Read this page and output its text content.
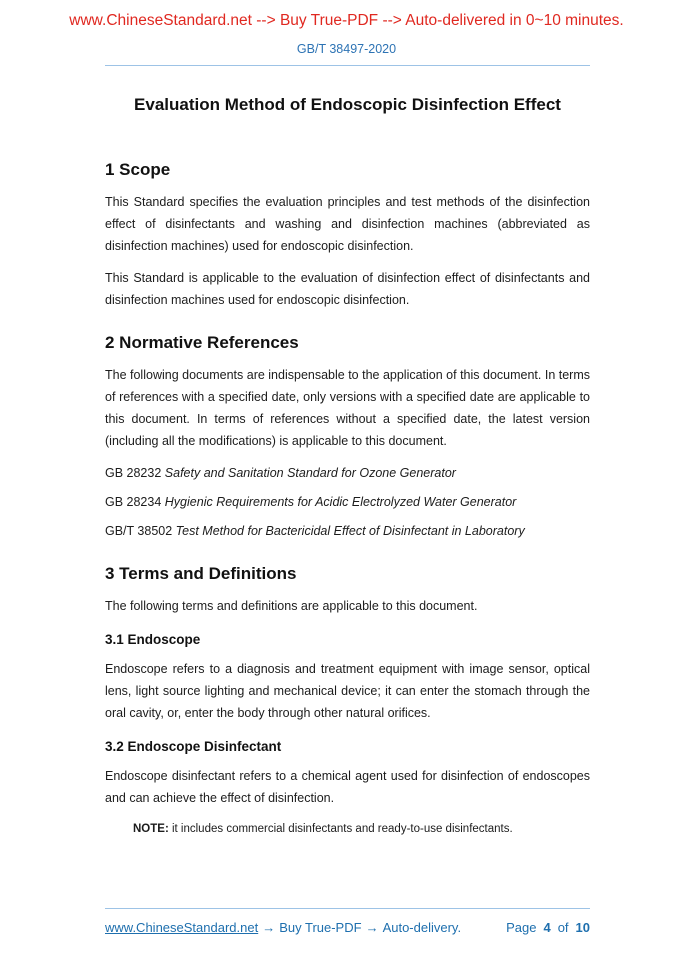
www.ChineseStandard.net --> Buy True-PDF --> Auto-delivered in 0~10 minutes.
GB/T 38497-2020
Evaluation Method of Endoscopic Disinfection Effect
1 Scope

This Standard specifies the evaluation principles and test methods of the disinfection effect of disinfectants and washing and disinfection machines (abbreviated as disinfection machines) used for endoscopic disinfection.

This Standard is applicable to the evaluation of disinfection effect of disinfectants and disinfection machines used for endoscopic disinfection.

2 Normative References

The following documents are indispensable to the application of this document. In terms of references with a specified date, only versions with a specified date are applicable to this document. In terms of references without a specified date, the latest version (including all the modifications) is applicable to this document.

GB 28232 Safety and Sanitation Standard for Ozone Generator

GB 28234 Hygienic Requirements for Acidic Electrolyzed Water Generator

GB/T 38502 Test Method for Bactericidal Effect of Disinfectant in Laboratory

3 Terms and Definitions

The following terms and definitions are applicable to this document.

3.1 Endoscope

Endoscope refers to a diagnosis and treatment equipment with image sensor, optical lens, light source lighting and mechanical device; it can enter the stomach through the oral cavity, or, enter the body through other natural orifices.

3.2 Endoscope Disinfectant

Endoscope disinfectant refers to a chemical agent used for disinfection of endoscopes and can achieve the effect of disinfection.

NOTE: it includes commercial disinfectants and ready-to-use disinfectants.

www.ChineseStandard.net → Buy True-PDF → Auto-delivery.	Page 4 of 10
